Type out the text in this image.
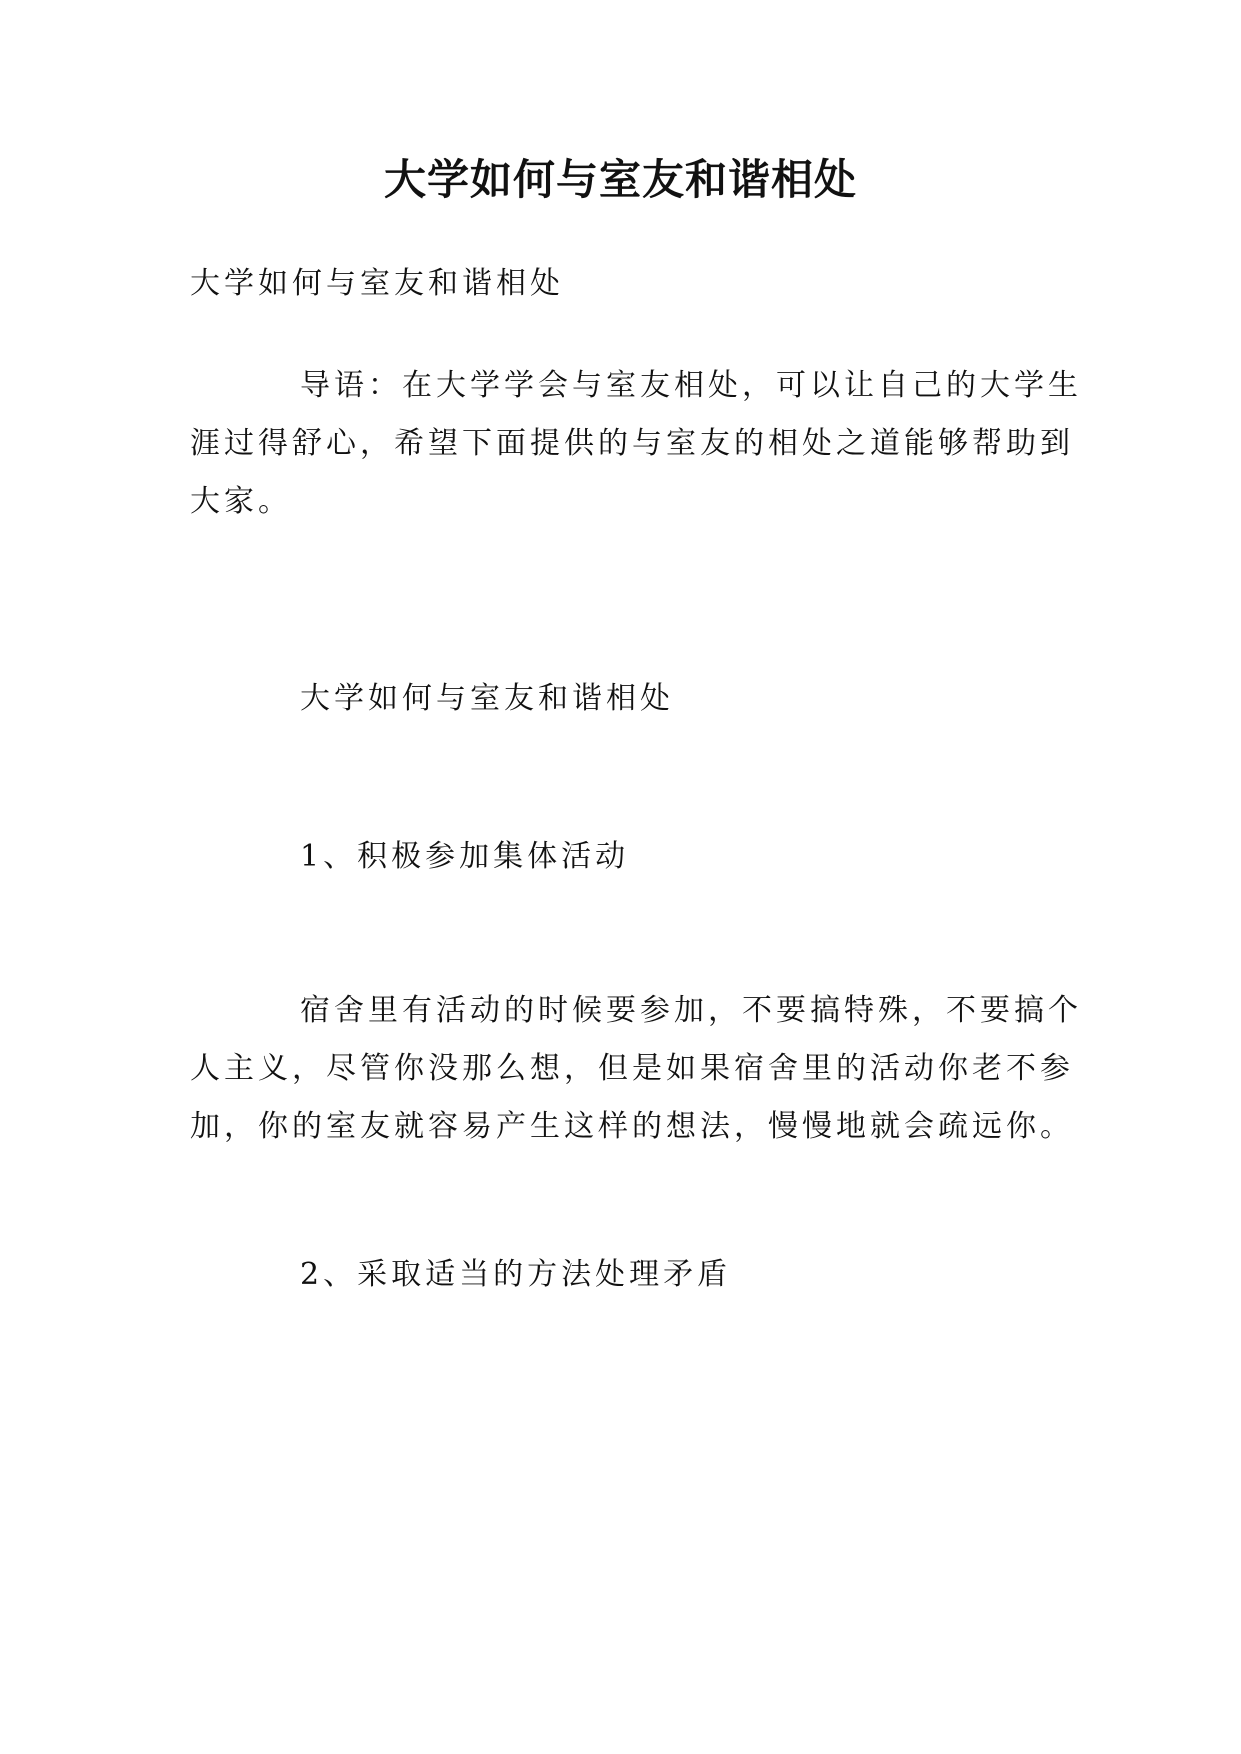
大学如何与室友和谐相处
大学如何与室友和谐相处
导语：在大学学会与室友相处，可以让自己的大学生
涯过得舒心，希望下面提供的与室友的相处之道能够帮助到
大家。
大学如何与室友和谐相处
1、积极参加集体活动
宿舍里有活动的时候要参加，不要搞特殊，不要搞个
人主义，尽管你没那么想，但是如果宿舍里的活动你老不参
加，你的室友就容易产生这样的想法，慢慢地就会疏远你。
2、采取适当的方法处理矛盾
